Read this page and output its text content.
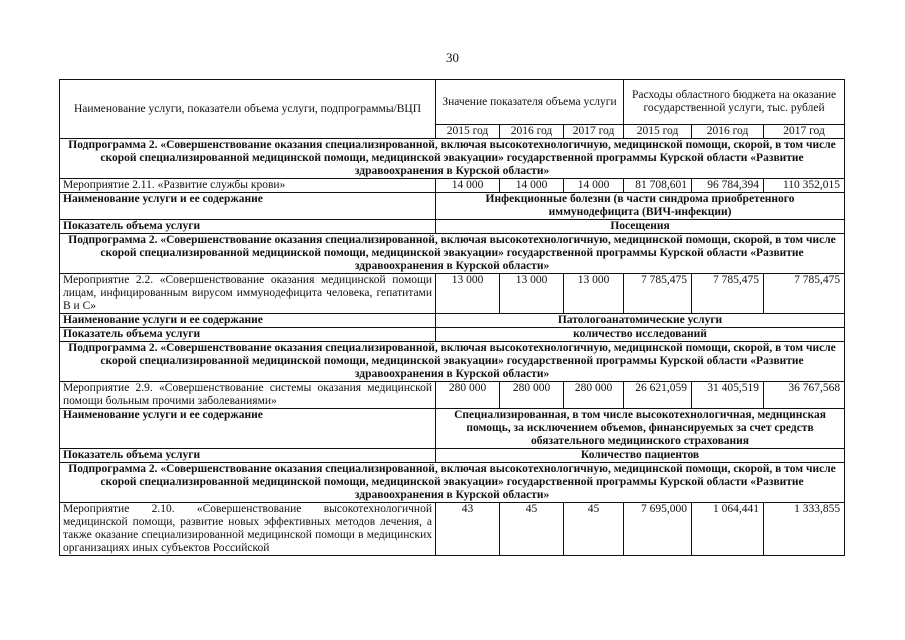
30
Наименование услуги, показатели объема услуги, подпрограммы/ВЦП	Значение показателя объема услуги			Расходы областного бюджета на оказание государственной услуги, тыс. рублей		
	2015 год	2016 год	2017 год	2015 год	2016 год	2017 год
Подпрограмма 2. «Совершенствование оказания специализированной, включая высокотехнологичную, медицинской помощи, скорой, в том числе скорой специализированной медицинской помощи, медицинской эвакуации» государственной программы Курской области «Развитие здравоохранения в Курской области»						
Мероприятие 2.11. «Развитие службы крови»	14 000	14 000	14 000	81 708,601	96 784,394	110 352,015
Наименование услуги и ее содержание	Инфекционные болезни (в части синдрома приобретенного иммунодефицита (ВИЧ-инфекции)					
Показатель объема услуги	Посещения					
Подпрограмма 2. «Совершенствование оказания специализированной, включая высокотехнологичную, медицинской помощи, скорой, в том числе скорой специализированной медицинской помощи, медицинской эвакуации» государственной программы Курской области «Развитие здравоохранения в Курской области»						
Мероприятие 2.2. «Совершенствование оказания медицинской помощи лицам, инфицированным вирусом иммунодефицита человека, гепатитами В и С»	13 000	13 000	13 000	7 785,475	7 785,475	7 785,475
Наименование услуги и ее содержание	Патологоанатомические услуги					
Показатель объема услуги	количество исследований					
Подпрограмма 2. «Совершенствование оказания специализированной, включая высокотехнологичную, медицинской помощи, скорой, в том числе скорой специализированной медицинской помощи, медицинской эвакуации» государственной программы Курской области «Развитие здравоохранения в Курской области»						
Мероприятие 2.9. «Совершенствование системы оказания медицинской помощи больным прочими заболеваниями»	280 000	280 000	280 000	26 621,059	31 405,519	36 767,568
Наименование услуги и ее содержание	Специализированная, в том числе высокотехнологичная, медицинская помощь, за исключением объемов, финансируемых за счет средств обязательного медицинского страхования					
Показатель объема услуги	Количество пациентов					
Подпрограмма 2. «Совершенствование оказания специализированной, включая высокотехнологичную, медицинской помощи, скорой, в том числе скорой специализированной медицинской помощи, медицинской эвакуации» государственной программы Курской области «Развитие здравоохранения в Курской области»						
Мероприятие 2.10. «Совершенствование высокотехнологичной медицинской помощи, развитие новых эффективных методов лечения, а также оказание специализированной медицинской помощи в медицинских организациях иных субъектов Российской	43	45	45	7 695,000	1 064,441	1 333,855
